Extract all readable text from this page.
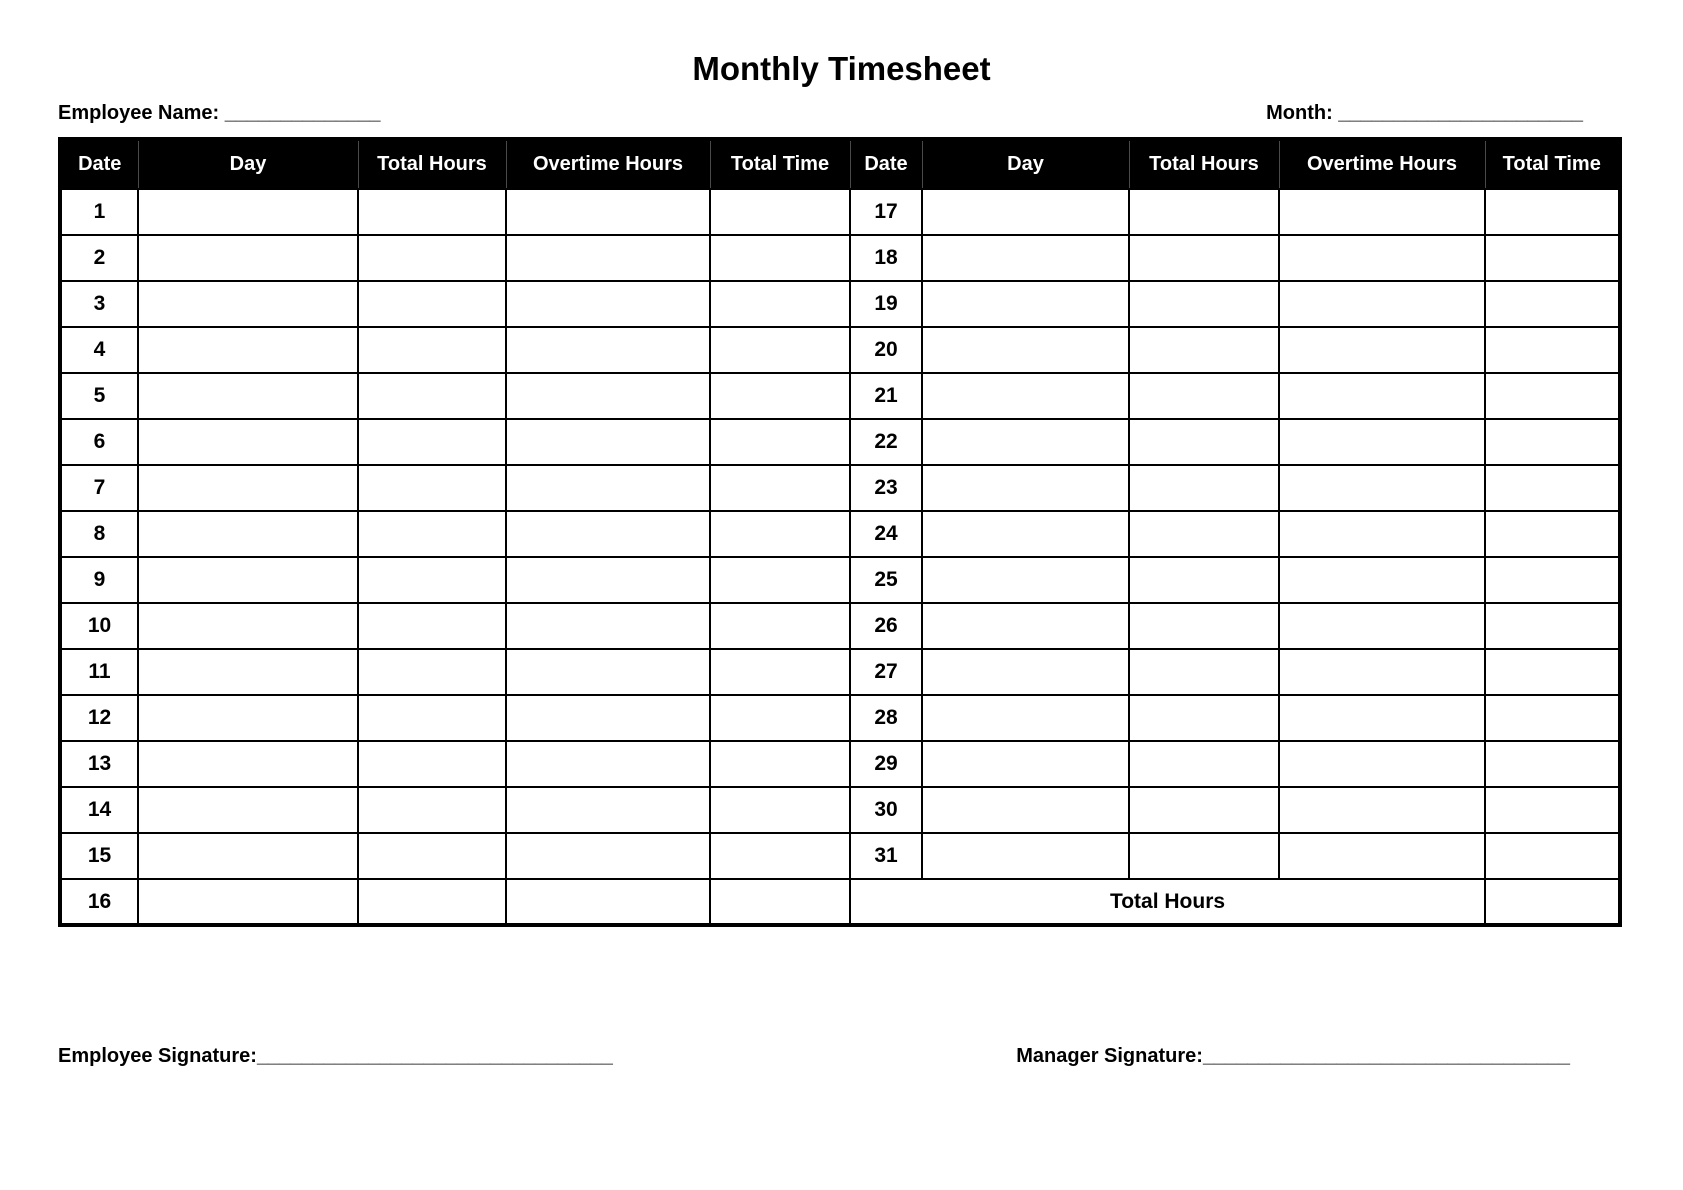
Monthly Timesheet
Employee Name: ______________	Month: ______________________
Date	Day	Total Hours	Overtime Hours	Total Time	Date	Day	Total Hours	Overtime Hours	Total Time
1					17				
2					18				
3					19				
4					20				
5					21				
6					22				
7					23				
8					24				
9					25				
10					26				
11					27				
12					28				
13					29				
14					30				
15					31				
16					Total Hours				
Employee Signature:________________________________	Manager Signature:_________________________________
